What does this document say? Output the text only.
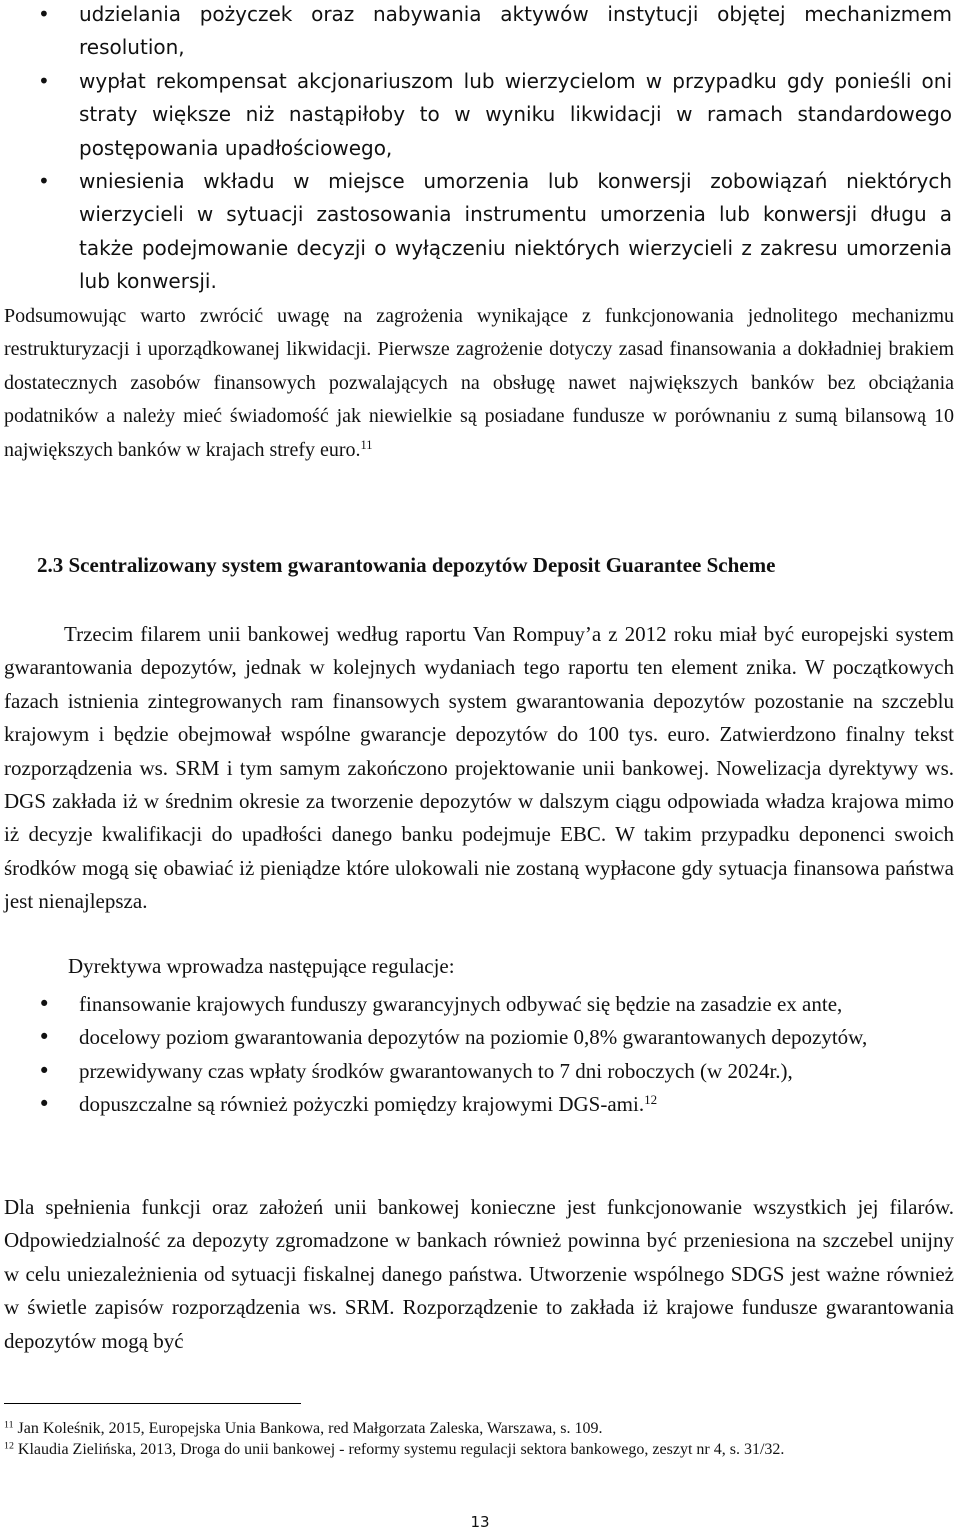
• udzielania pożyczek oraz nabywania aktywów instytucji objętej mechanizmem resolution,
• wypłat rekompensat akcjonariuszom lub wierzycielom w przypadku gdy ponieśli oni straty większe niż nastąpiłoby to w wyniku likwidacji w ramach standardowego postępowania upadłościowego,
• wniesienia wkładu w miejsce umorzenia lub konwersji zobowiązań niektórych wierzycieli w sytuacji zastosowania instrumentu umorzenia lub konwersji długu a także podejmowanie decyzji o wyłączeniu niektórych wierzycieli z zakresu umorzenia lub konwersji.

Podsumowując warto zwrócić uwagę na zagrożenia wynikające z funkcjonowania jednolitego mechanizmu restrukturyzacji i uporządkowanej likwidacji. Pierwsze zagrożenie dotyczy zasad finansowania a dokładniej brakiem dostatecznych zasobów finansowych pozwalających na obsługę nawet największych banków bez obciążania podatników a należy mieć świadomość jak niewielkie są posiadane fundusze w porównaniu z sumą bilansową 10 największych banków w krajach strefy euro.$^{11}$

2.3 Scentralizowany system gwarantowania depozytów Deposit Guarantee Scheme

Trzecim filarem unii bankowej według raportu Van Rompuy’a z 2012 roku miał być europejski system gwarantowania depozytów, jednak w kolejnych wydaniach tego raportu ten element znika. W początkowych fazach istnienia zintegrowanych ram finansowych system gwarantowania depozytów pozostanie na szczeblu krajowym i będzie obejmował wspólne gwarancje depozytów do 100 tys. euro. Zatwierdzono finalny tekst rozporządzenia ws. SRM i tym samym zakończono projektowanie unii bankowej. Nowelizacja dyrektywy ws. DGS zakłada iż w średnim okresie za tworzenie depozytów w dalszym ciągu odpowiada władza krajowa mimo iż decyzje kwalifikacji do upadłości danego banku podejmuje EBC. W takim przypadku deponenci swoich środków mogą się obawiać iż pieniądze które ulokowali nie zostaną wypłacone gdy sytuacja finansowa państwa jest nienajlepsza.

Dyrektywa wprowadza następujące regulacje:

• finansowanie krajowych funduszy gwarancyjnych odbywać się będzie na zasadzie ex ante,
• docelowy poziom gwarantowania depozytów na poziomie 0,8% gwarantowanych depozytów,
• przewidywany czas wpłaty środków gwarantowanych to 7 dni roboczych (w 2024r.),
• dopuszczalne są również pożyczki pomiędzy krajowymi DGS-ami.$^{12}$

Dla spełnienia funkcji oraz założeń unii bankowej konieczne jest funkcjonowanie wszystkich jej filarów. Odpowiedzialność za depozyty zgromadzone w bankach również powinna być przeniesiona na szczebel unijny w celu uniezależnienia od sytuacji fiskalnej danego państwa. Utworzenie wspólnego SDGS jest ważne również w świetle zapisów rozporządzenia ws. SRM. Rozporządzenie to zakłada iż krajowe fundusze gwarantowania depozytów mogą być

$^{11}$ Jan Koleśnik, 2015, Europejska Unia Bankowa, red Małgorzata Zaleska, Warszawa, s. 109.

$^{12}$ Klaudia Zielińska, 2013, Droga do unii bankowej - reformy systemu regulacji sektora bankowego, zeszyt nr 4, s. 31/32.

13
